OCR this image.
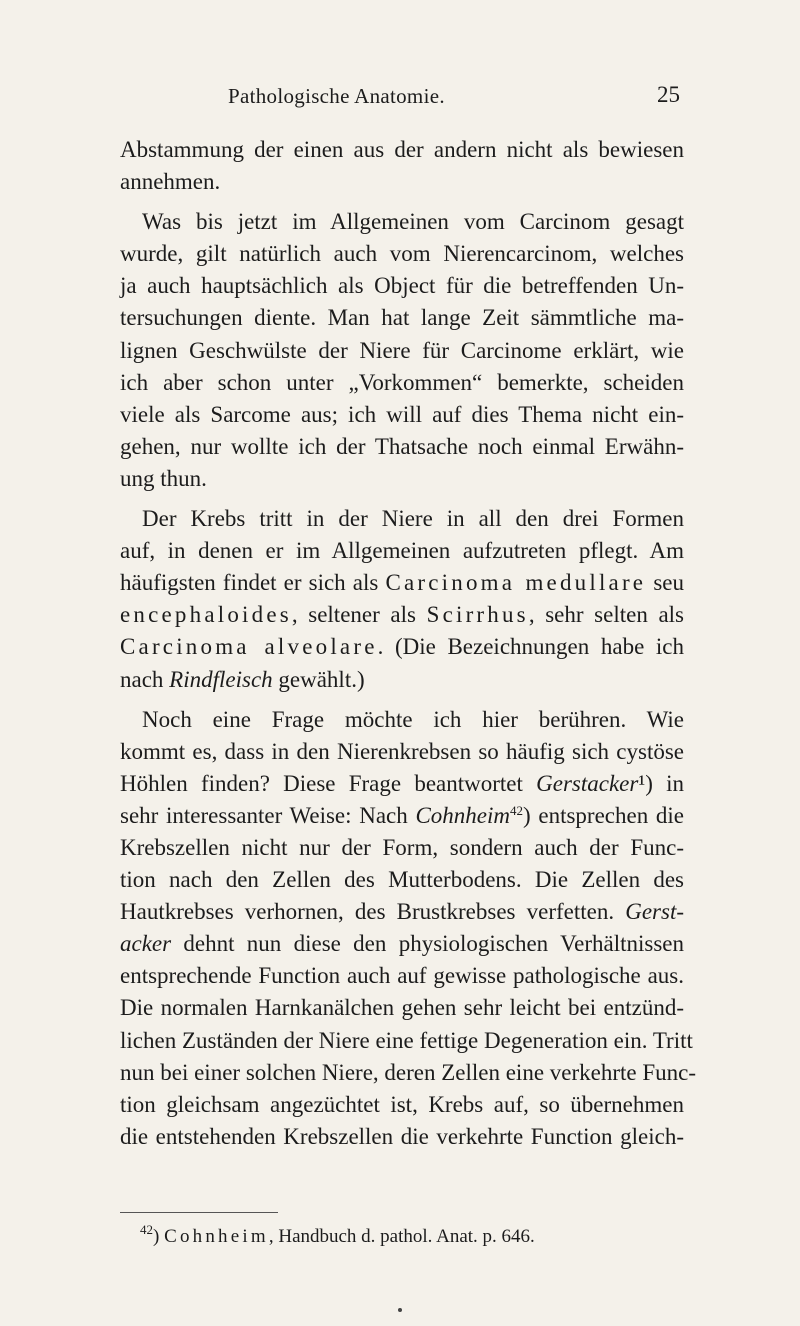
Pathologische Anatomie.	25

Abstammung der einen aus der andern nicht als bewiesen
annehmen.

Was bis jetzt im Allgemeinen vom Carcinom gesagt
wurde, gilt natürlich auch vom Nierencarcinom, welches
ja auch hauptsächlich als Object für die betreffenden Un-
tersuchungen diente. Man hat lange Zeit sämmtliche ma-
lignen Geschwülste der Niere für Carcinome erklärt, wie
ich aber schon unter „Vorkommen“ bemerkte, scheiden
viele als Sarcome aus; ich will auf dies Thema nicht ein-
gehen, nur wollte ich der Thatsache noch einmal Erwähn-
ung thun.

Der Krebs tritt in der Niere in all den drei Formen
auf, in denen er im Allgemeinen aufzutreten pflegt. Am
häufigsten findet er sich als Carcinoma medullare seu
encephaloides, seltener als Scirrhus, sehr selten als
Carcinoma alveolare. (Die Bezeichnungen habe ich
nach Rindfleisch gewählt.)

Noch eine Frage möchte ich hier berühren. Wie
kommt es, dass in den Nierenkrebsen so häufig sich cystöse
Höhlen finden? Diese Frage beantwortet Gerstacker¹) in
sehr interessanter Weise: Nach Cohnheim$^{42}$) entsprechen die
Krebszellen nicht nur der Form, sondern auch der Func-
tion nach den Zellen des Mutterbodens. Die Zellen des
Hautkrebses verhornen, des Brustkrebses verfetten. Gerst-
acker dehnt nun diese den physiologischen Verhältnissen
entsprechende Function auch auf gewisse pathologische aus.
Die normalen Harnkanälchen gehen sehr leicht bei entzünd-
lichen Zuständen der Niere eine fettige Degeneration ein. Tritt
nun bei einer solchen Niere, deren Zellen eine verkehrte Func-
tion gleichsam angezüchtet ist, Krebs auf, so übernehmen
die entstehenden Krebszellen die verkehrte Function gleich-

$^{42}$) Cohnheim, Handbuch d. pathol. Anat. p. 646.
